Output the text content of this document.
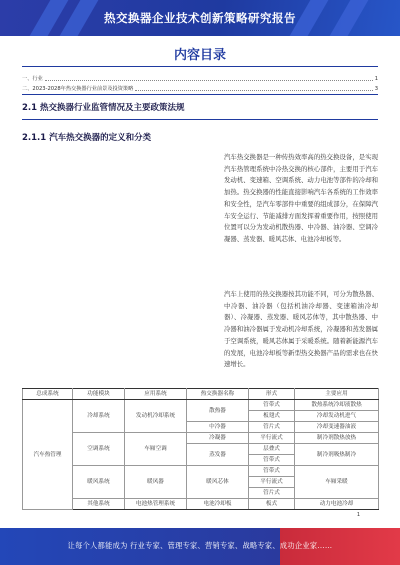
热交换器企业技术创新策略研究报告
内容目录
一、行业	1
二、2023-2028年热交换器行业前景及投资策略	3
2.1 热交换器行业监管情况及主要政策法规
2.1.1 汽车热交换器的定义和分类
汽车热交换器是一种传热效率高的热交换设备，是实现汽车热管理系统中冷热交换的核心部件，主要用于汽车发动机、变速箱、空调系统、动力电池等部件的冷却和加热。热交换器的性能直接影响汽车各系统的工作效率和安全性，是汽车零部件中重要的组成部分，在保障汽车安全运行、节能减排方面发挥着重要作用，按照使用位置可以分为发动机散热器、中冷器、油冷器、空调冷凝器、蒸发器、暖风芯体、电池冷却板等。
汽车上使用的热交换器按其功能不同，可分为散热器、中冷器、油冷器（包括机油冷却器、变速箱油冷却器）、冷凝器、蒸发器、暖风芯体等，其中散热器、中冷器和油冷器属于发动机冷却系统，冷凝器和蒸发器属于空调系统，暖风芯体属于采暖系统。随着新能源汽车的发展，电池冷却板等新型热交换器产品的需求也在快速增长。
总成系统	功能模块	应用系统	热交换器名称	形式	主要应用
汽车热管理	冷却系统	发动机冷却系统	散热器	管带式	散热系统冷却液散热
				板翅式	冷却发动机进气
			中冷器	管片式	冷却变速器油液
	空调系统	车厢空调	冷凝器	平行流式	制冷剂散热放热
			蒸发器	层叠式	制冷剂吸热制冷
				管带式	
	暖风系统	暖风器	暖风芯体	管带式	车厢采暖
				平行流式	
				管片式	
	其他系统	电池热管理系统	电池冷却板	板式	动力电池冷却
1
让每个人都能成为 行业专家、管理专家、营销专家、战略专家、成功企业家……
